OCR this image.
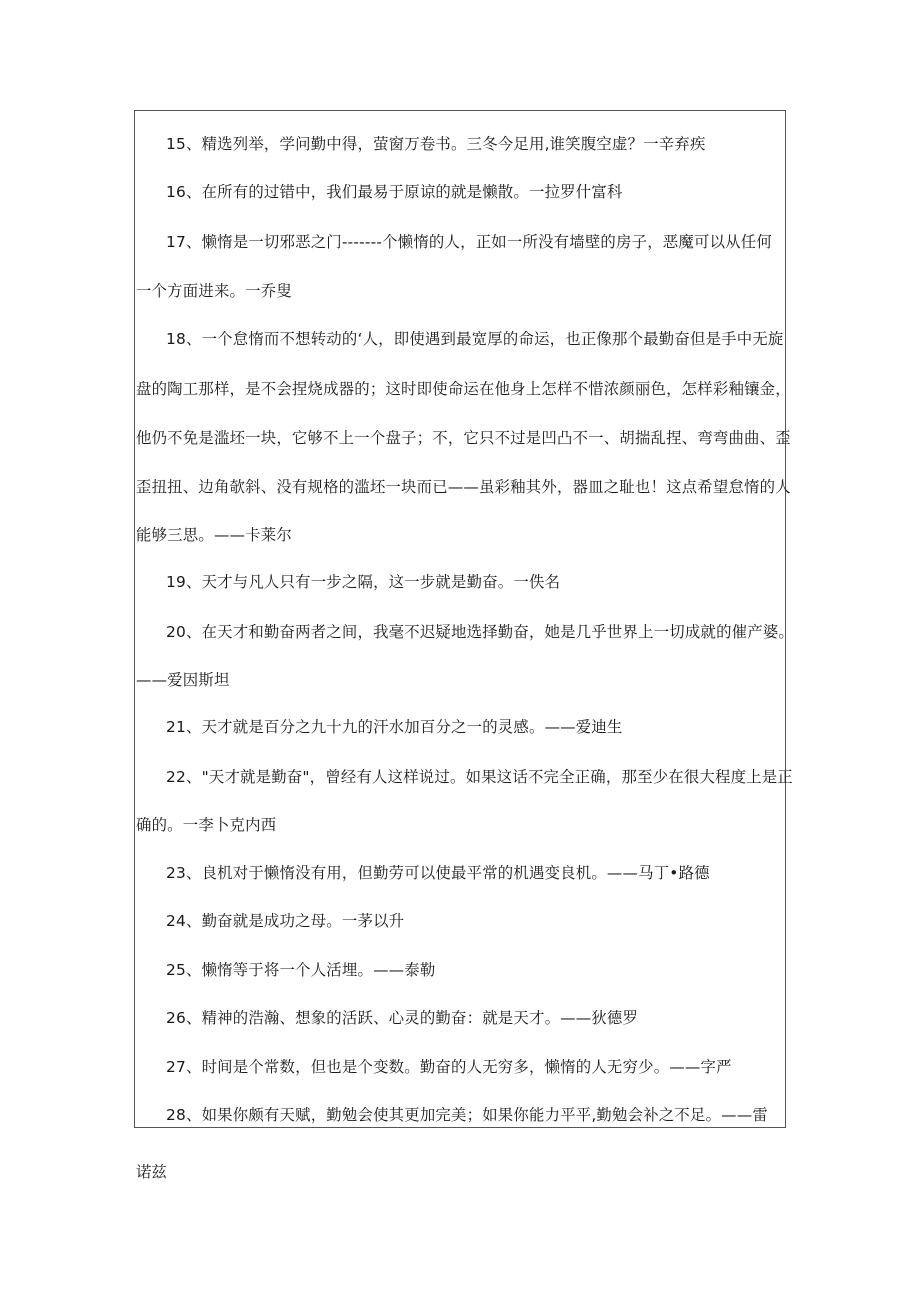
15、精选列举，学问勤中得，萤窗万卷书。三冬今足用,谁笑腹空虚？一辛弃疾
16、在所有的过错中，我们最易于原谅的就是懒散。一拉罗什富科
17、懒惰是一切邪恶之门-------个懒惰的人，正如一所没有墙壁的房子，恶魔可以从任何
一个方面进来。一乔叟
18、一个怠惰而不想转动的‘人，即使遇到最宽厚的命运，也正像那个最勤奋但是手中无旋
盘的陶工那样，是不会捏烧成器的；这时即使命运在他身上怎样不惜浓颜丽色，怎样彩釉镶金，
他仍不免是滥坯一块，它够不上一个盘子；不，它只不过是凹凸不一、胡揣乱捏、弯弯曲曲、歪
歪扭扭、边角欹斜、没有规格的滥坯一块而已——虽彩釉其外，器皿之耻也！这点希望怠惰的人
能够三思。——卡莱尔
19、天才与凡人只有一步之隔，这一步就是勤奋。一佚名
20、在天才和勤奋两者之间，我毫不迟疑地选择勤奋，她是几乎世界上一切成就的催产婆。
——爱因斯坦
21、天才就是百分之九十九的汗水加百分之一的灵感。——爱迪生
22、"天才就是勤奋"，曾经有人这样说过。如果这话不完全正确，那至少在很大程度上是正
确的。一李卜克内西
23、良机对于懒惰没有用，但勤劳可以使最平常的机遇变良机。——马丁•路德
24、勤奋就是成功之母。一茅以升
25、懒惰等于将一个人活埋。——泰勒
26、精神的浩瀚、想象的活跃、心灵的勤奋：就是天才。——狄德罗
27、时间是个常数，但也是个变数。勤奋的人无穷多，懒惰的人无穷少。——字严
28、如果你颇有天赋，勤勉会使其更加完美；如果你能力平平,勤勉会补之不足。——雷
诺兹
